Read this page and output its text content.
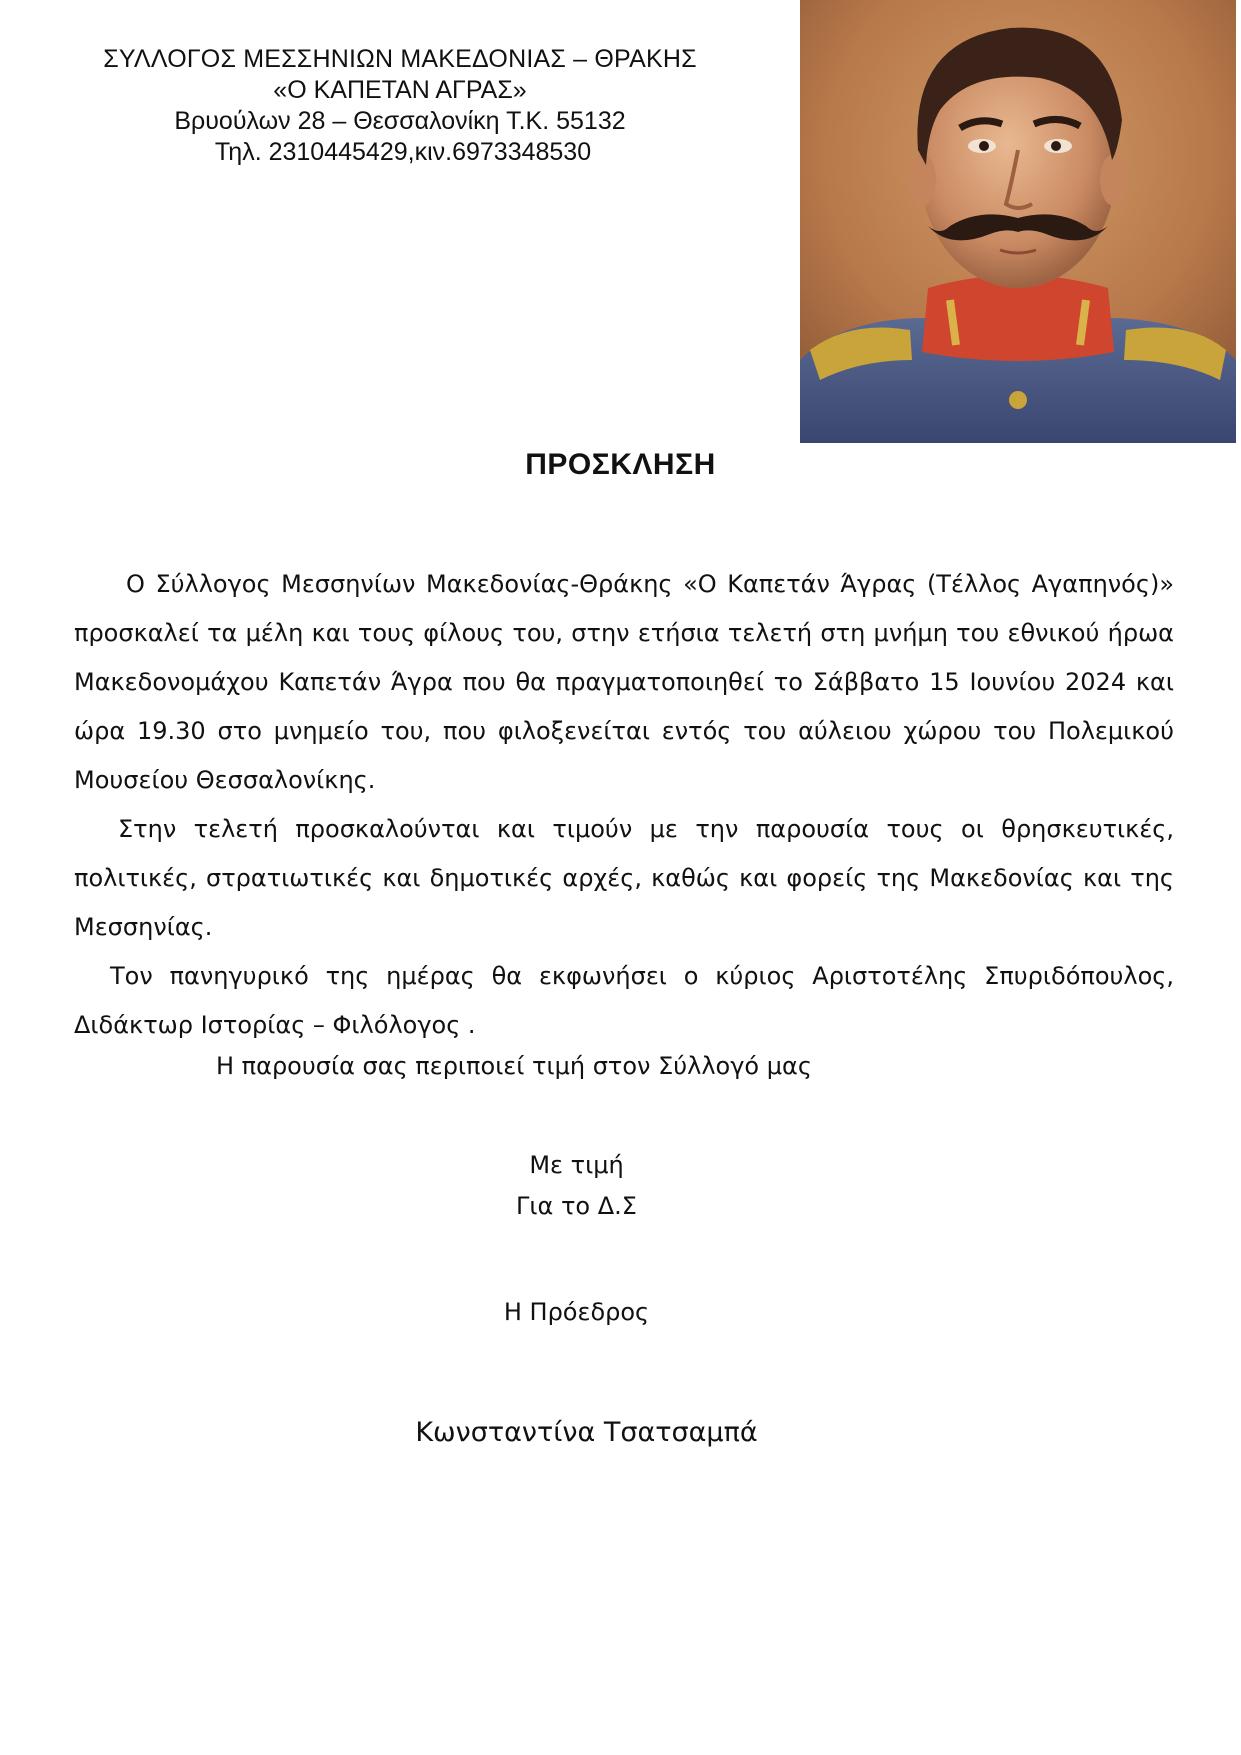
ΣΥΛΛΟΓΟΣ ΜΕΣΣΗΝΙΩΝ ΜΑΚΕΔΟΝΙΑΣ – ΘΡΑΚΗΣ
«Ο ΚΑΠΕΤΑΝ ΑΓΡΑΣ»
Βρυούλων 28 – Θεσσαλονίκη Τ.Κ. 55132
Τηλ. 2310445429,κιν.6973348530
ΠΡΟΣΚΛΗΣΗ

Ο Σύλλογος Μεσσηνίων Μακεδονίας-Θράκης «Ο Καπετάν Άγρας (Τέλλος Αγαπηνός)» προσκαλεί τα μέλη και τους φίλους του, στην ετήσια τελετή στη μνήμη του εθνικού ήρωα Μακεδονομάχου Καπετάν Άγρα που θα πραγματοποιηθεί το Σάββατο 15 Ιουνίου 2024 και ώρα 19.30 στο μνημείο του, που φιλοξενείται εντός του αύλειου χώρου του Πολεμικού Μουσείου Θεσσαλονίκης.

Στην τελετή προσκαλούνται και τιμούν με την παρουσία τους οι θρησκευτικές, πολιτικές, στρατιωτικές και δημοτικές αρχές, καθώς και φορείς της Μακεδονίας και της Μεσσηνίας.

Τον πανηγυρικό της ημέρας θα εκφωνήσει ο κύριος Αριστοτέλης Σπυριδόπουλος, Διδάκτωρ Ιστορίας – Φιλόλογος .

Η παρουσία σας περιποιεί τιμή στον Σύλλογό μας
Με τιμή
Για το Δ.Σ
Η Πρόεδρος
Κωνσταντίνα Τσατσαμπά
